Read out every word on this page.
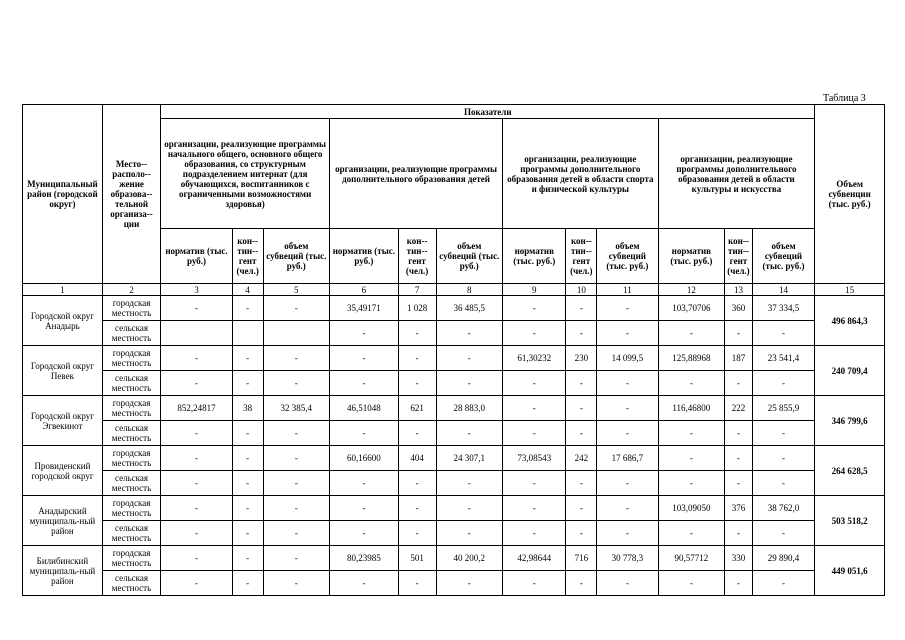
Таблица 3
Муниципальный район (городской округ)	Место-располо-жение образова-тельной организа-ции	Показатели												Объем субвенции (тыс. руб.)
		организации, реализующие программы начального общего, основного общего образования, со структурным подразделением интернат (для обучающихся, воспитанников с ограниченными возможностями здоровья)			организации, реализующие программы дополнительного образования детей			организации, реализующие программы дополнительного образования детей в области спорта и физической культуры			организации, реализующие программы дополнительного образования детей в области культуры и искусства			
		норматив (тыс. руб.)	кон-тин-гент (чел.)	объем субвеций (тыс. руб.)	норматив (тыс. руб.)	кон-тин-гент (чел.)	объем субвеций (тыс. руб.)	норматив (тыс. руб.)	кон-тин-гент (чел.)	объем субвеций (тыс. руб.)	норматив (тыс. руб.)	кон-тин-гент (чел.)	объем субвеций (тыс. руб.)	
1	2	3	4	5	6	7	8	9	10	11	12	13	14	15
Городской округ Анадырь	городская местность	-	-	-	35,49171	1 028	36 485,5	-	-	-	103,70706	360	37 334,5	496 864,3
	сельская местность				-	-	-	-	-	-	-	-	-	
Городской округ Певек	городская местность	-	-	-	-	-	-	61,30232	230	14 099,5	125,88968	187	23 541,4	240 709,4
	сельская местность	-	-	-	-	-	-	-	-	-	-	-	-	
Городской округ Эгвекинот	городская местность	852,24817	38	32 385,4	46,51048	621	28 883,0	-	-	-	116,46800	222	25 855,9	346 799,6
	сельская местность	-	-	-	-	-	-	-	-	-	-	-	-	
Провиденский городской округ	городская местность	-	-	-	60,16600	404	24 307,1	73,08543	242	17 686,7	-	-	-	264 628,5
	сельская местность	-	-	-	-	-	-	-	-	-	-	-	-	
Анадырский муниципаль-ный район	городская местность	-	-	-	-	-	-	-	-	-	103,09050	376	38 762,0	503 518,2
	сельская местность	-	-	-	-	-	-	-	-	-	-	-	-	
Билибинский муниципаль-ный район	городская местность	-	-	-	80,23985	501	40 200,2	42,98644	716	30 778,3	90,57712	330	29 890,4	449 051,6
	сельская местность	-	-	-	-	-	-	-	-	-	-	-	-	
